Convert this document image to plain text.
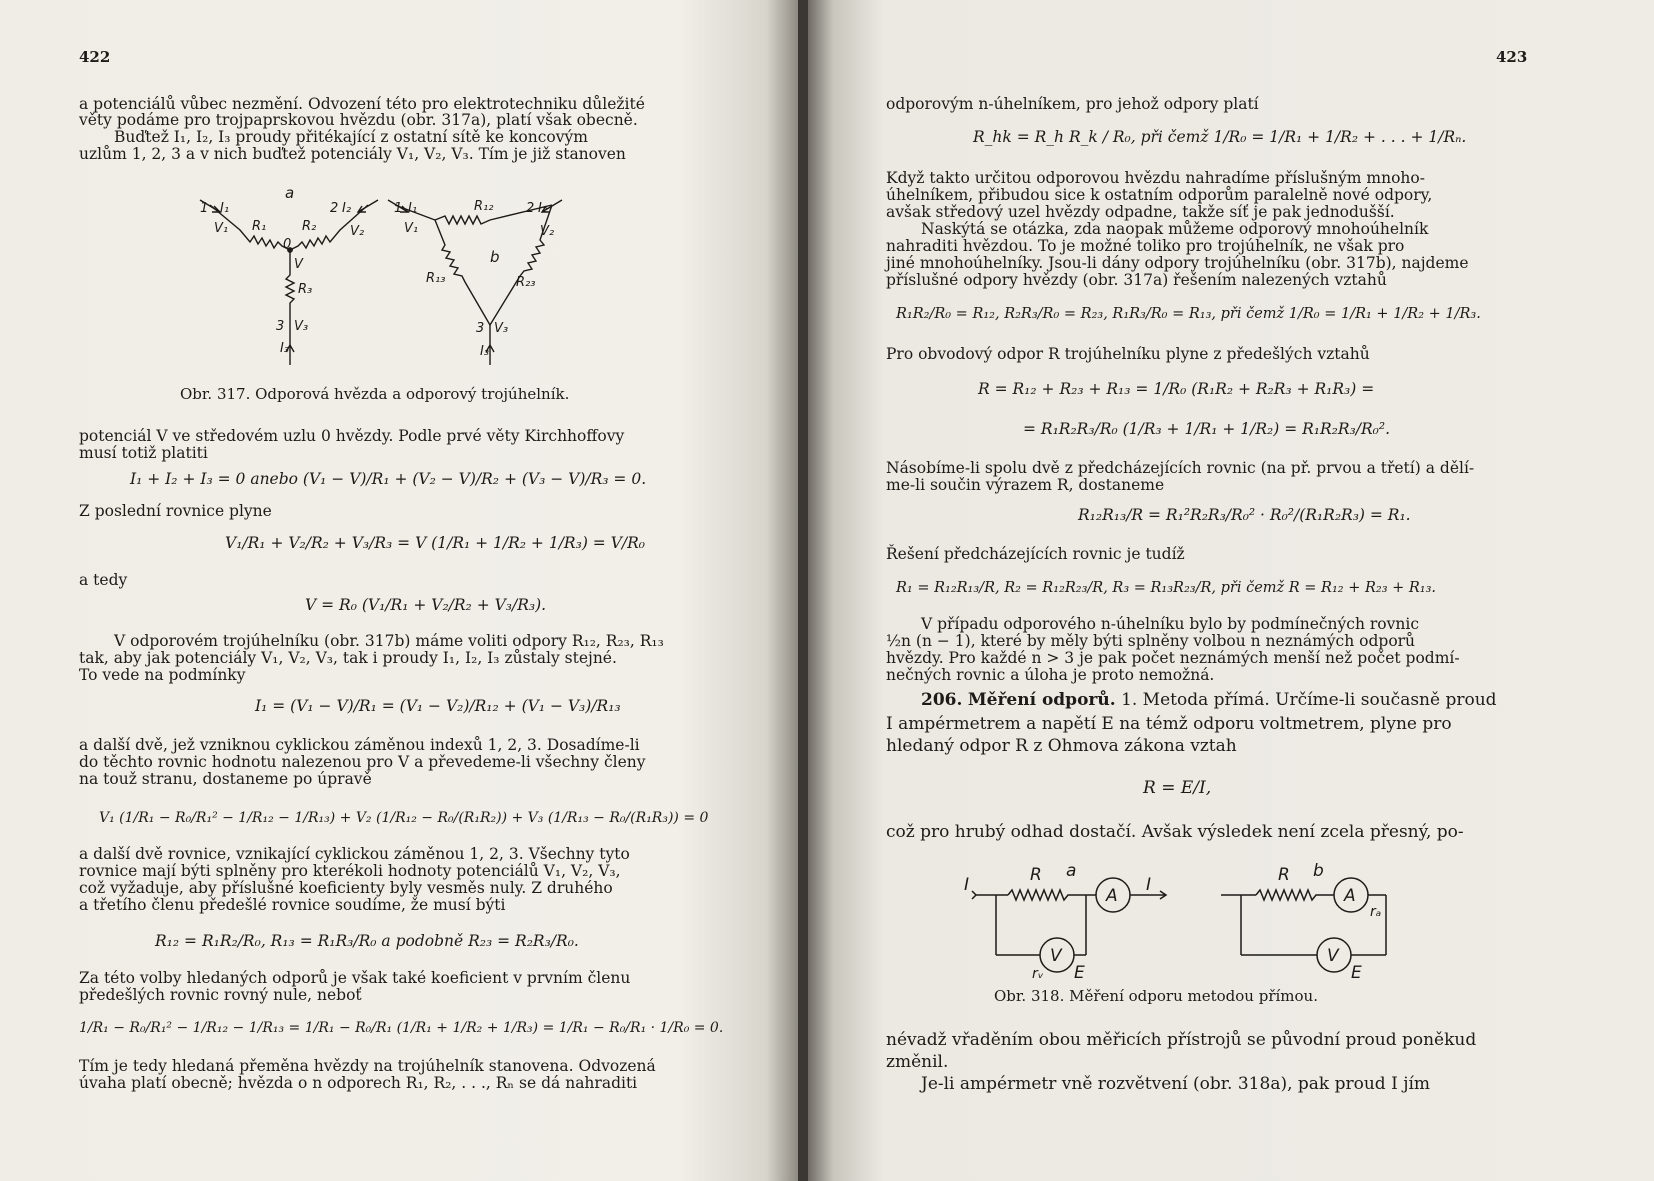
422
a potenciálů vůbec nezmění. Odvození této pro elektrotechniku důležité
věty podáme pro trojpaprskovou hvězdu (obr. 317a), platí však obecně.
Buďtež I₁, I₂, I₃ proudy přitékající z ostatní sítě ke koncovým
uzlům 1, 2, 3 a v nich buďtež potenciály V₁, V₂, V₃. Tím je již stanoven
a
b
I₁
V₁ R₁	R₂
I₂
V₂
0
V
R₃
3 V₃
I₃
2
1	I₁
V₁
R₁₂	I₂
V₂
R₁₃	R₂₃
3 V₃
I₃
1	2
Obr. 317. Odporová hvězda a odporový trojúhelník.
potenciál V ve středovém uzlu 0 hvězdy. Podle prvé věty Kirchhoffovy
musí totiž platiti
I₁ + I₂ + I₃ = 0 anebo (V₁ − V)/R₁ + (V₂ − V)/R₂ + (V₃ − V)/R₃ = 0.
Z poslední rovnice plyne
V₁/R₁ + V₂/R₂ + V₃/R₃ = V (1/R₁ + 1/R₂ + 1/R₃) = V/R₀
a tedy
V = R₀ (V₁/R₁ + V₂/R₂ + V₃/R₃).
V odporovém trojúhelníku (obr. 317b) máme voliti odpory R₁₂, R₂₃, R₁₃
tak, aby jak potenciály V₁, V₂, V₃, tak i proudy I₁, I₂, I₃ zůstaly stejné.
To vede na podmínky
I₁ = (V₁ − V)/R₁ = (V₁ − V₂)/R₁₂ + (V₁ − V₃)/R₁₃
a další dvě, jež vzniknou cyklickou záměnou indexů 1, 2, 3. Dosadíme-li
do těchto rovnic hodnotu nalezenou pro V a převedeme-li všechny členy
na touž stranu, dostaneme po úpravě
V₁ (1/R₁ − R₀/R₁² − 1/R₁₂ − 1/R₁₃) + V₂ (1/R₁₂ − R₀/(R₁R₂)) + V₃ (1/R₁₃ − R₀/(R₁R₃)) = 0
a další dvě rovnice, vznikající cyklickou záměnou 1, 2, 3. Všechny tyto
rovnice mají býti splněny pro kterékoli hodnoty potenciálů V₁, V₂, V₃,
což vyžaduje, aby příslušné koeficienty byly vesměs nuly. Z druhého
a třetího členu předešlé rovnice soudíme, že musí býti
R₁₂ = R₁R₂/R₀, R₁₃ = R₁R₃/R₀ a podobně R₂₃ = R₂R₃/R₀.
Za této volby hledaných odporů je však také koeficient v prvním členu
předešlých rovnic rovný nule, neboť
1/R₁ − R₀/R₁² − 1/R₁₂ − 1/R₁₃ = 1/R₁ − R₀/R₁ (1/R₁ + 1/R₂ + 1/R₃) = 1/R₁ − R₀/R₁ · 1/R₀ = 0.
Tím je tedy hledaná přeměna hvězdy na trojúhelník stanovena. Odvozená
úvaha platí obecně; hvězda o n odporech R₁, R₂, . . ., Rₙ se dá nahraditi
423
odporovým n-úhelníkem, pro jehož odpory platí
R_hk = R_h R_k / R₀, při čemž 1/R₀ = 1/R₁ + 1/R₂ + . . . + 1/Rₙ.
Když takto určitou odporovou hvězdu nahradíme příslušným mnoho-
úhelníkem, přibudou sice k ostatním odporům paralelně nové odpory,
avšak středový uzel hvězdy odpadne, takže síť je pak jednodušší.
Naskýtá se otázka, zda naopak můžeme odporový mnohoúhelník
nahraditi hvězdou. To je možné toliko pro trojúhelník, ne však pro
jiné mnohoúhelníky. Jsou-li dány odpory trojúhelníku (obr. 317b), najdeme
příslušné odpory hvězdy (obr. 317a) řešením nalezených vztahů
R₁R₂/R₀ = R₁₂, R₂R₃/R₀ = R₂₃, R₁R₃/R₀ = R₁₃, při čemž 1/R₀ = 1/R₁ + 1/R₂ + 1/R₃.
Pro obvodový odpor R trojúhelníku plyne z předešlých vztahů
R = R₁₂ + R₂₃ + R₁₃ = 1/R₀ (R₁R₂ + R₂R₃ + R₁R₃) =
= R₁R₂R₃/R₀ (1/R₃ + 1/R₁ + 1/R₂) = R₁R₂R₃/R₀².
Násobíme-li spolu dvě z předcházejících rovnic (na př. prvou a třetí) a dělí-
me-li součin výrazem R, dostaneme
R₁₂R₁₃/R = R₁²R₂R₃/R₀² · R₀²/(R₁R₂R₃) = R₁.
Řešení předcházejících rovnic je tudíž
R₁ = R₁₂R₁₃/R, R₂ = R₁₂R₂₃/R, R₃ = R₁₃R₂₃/R, při čemž R = R₁₂ + R₂₃ + R₁₃.
V případu odporového n-úhelníku bylo by podmínečných rovnic
½n (n − 1), které by měly býti splněny volbou n neznámých odporů
hvězdy. Pro každé n > 3 je pak počet neznámých menší než počet podmí-
nečných rovnic a úloha je proto nemožná.
206. Měření odporů. 1. Metoda přímá. Určíme-li současně proud
I ampérmetrem a napětí E na témž odporu voltmetrem, plyne pro
hledaný odpor R z Ohmova zákona vztah
R = E/I,
což pro hrubý odhad dostačí. Avšak výsledek není zcela přesný, po-
R a
I
A
I
V
E
rᵥ
R b
A
rₐ
V
E
Obr. 318. Měření odporu metodou přímou.
névadž vřaděním obou měřicích přístrojů se původní proud poněkud
změnil.
Je-li ampérmetr vně rozvětvení (obr. 318a), pak proud I jím
